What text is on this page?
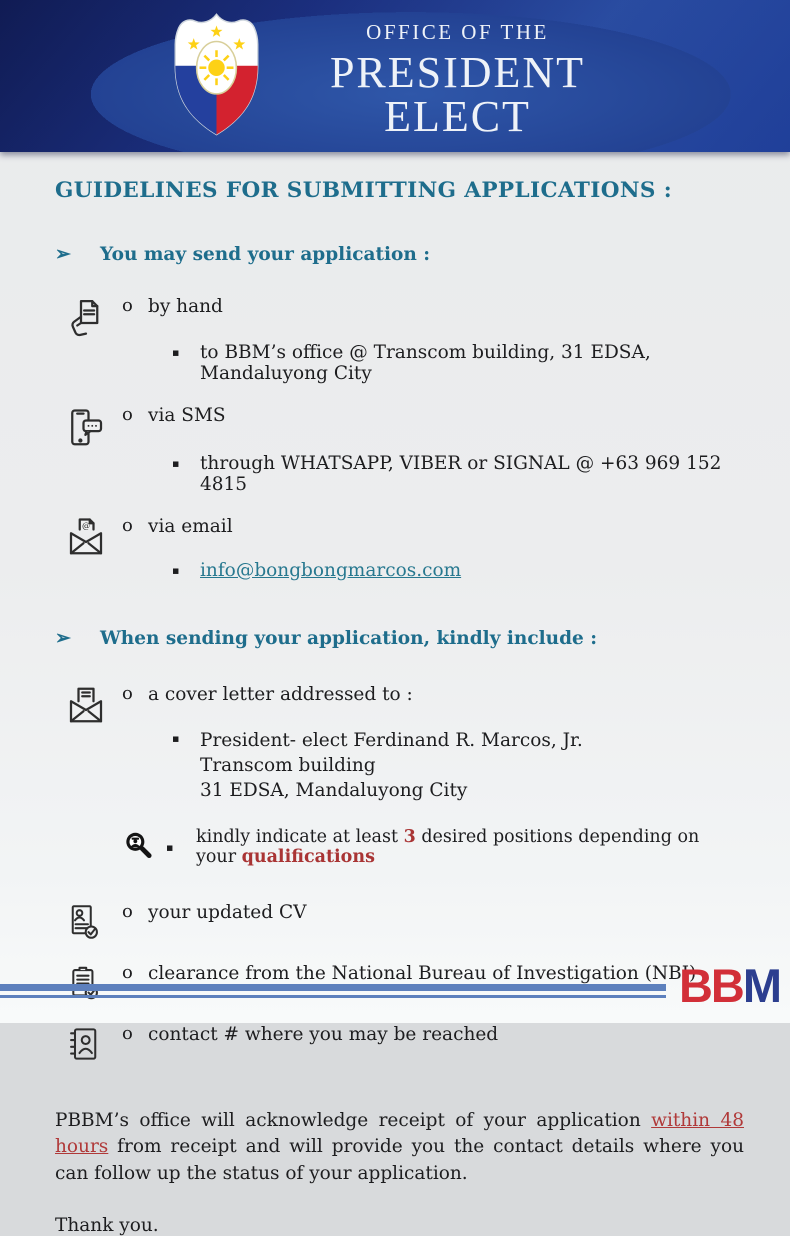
OFFICE OF THE
PRESIDENT ELECT
GUIDELINES FOR SUBMITTING APPLICATIONS :
➢	You may send your application :
o by hand
▪	to BBM’s office @ Transcom building, 31 EDSA, Mandaluyong City
o via SMS
▪	through WHATSAPP, VIBER or SIGNAL @ +63 969 152 4815
@ o via email
▪	info@bongbongmarcos.com
➢	When sending your application, kindly include :
o a cover letter addressed to :
▪	President- elect Ferdinand R. Marcos, Jr.
Transcom building
31 EDSA, Mandaluyong City
▪	kindly indicate at least 3 desired positions depending on your qualifications
o your updated CV
o clearance from the National Bureau of Investigation (NBI)
o contact # where you may be reached

PBBM’s office will acknowledge receipt of your application within 48 hours from receipt and will provide you the contact details where you can follow up the status of your application.

Thank you.
BBM
